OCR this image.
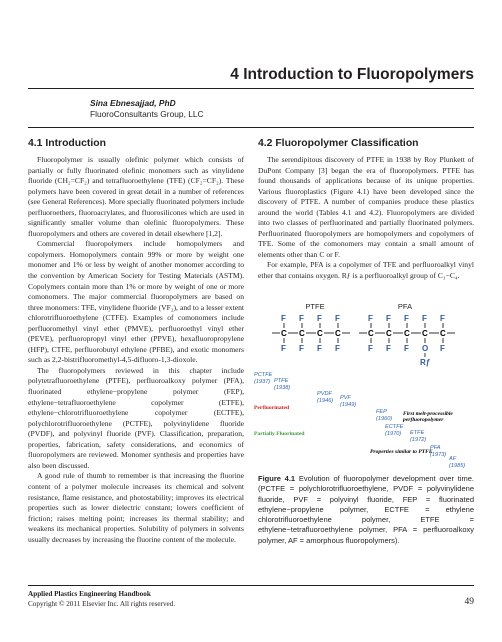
4 Introduction to Fluoropolymers
Sina Ebnesajjad, PhD
FluoroConsultants Group, LLC
4.1 Introduction	4.2 Fluoropolymer Classification

Fluoropolymer is usually olefinic polymer which consists of partially or fully fluorinated olefinic monomers such as vinylidene fluoride (CH₂=CF₂) and tetrafluoroethylene (TFE) (CF₂=CF₂). These polymers have been covered in great detail in a number of references (see General References). More specially fluorinated polymers include perfluoroethers, fluoroacrylates, and fluorosilicones which are used in significantly smaller volume than olefinic fluoropolymers. These fluoropolymers and others are covered in detail elsewhere [1,2].

Commercial fluoropolymers include homopolymers and copolymers. Homopolymers contain 99% or more by weight one monomer and 1% or less by weight of another monomer according to the convention by American Society for Testing Materials (ASTM). Copolymers contain more than 1% or more by weight of one or more comonomers. The major commercial fluoropolymers are based on three monomers: TFE, vinylidene fluoride (VF₂), and to a lesser extent chlorotrifluoroethylene (CTFE). Examples of comonomers include perfluoromethyl vinyl ether (PMVE), perfluoroethyl vinyl ether (PEVE), perfluoropropyl vinyl ether (PPVE), hexafluoropropylene (HFP), CTFE, perfluorobutyl ethylene (PFBE), and exotic monomers such as 2,2-bistrifluoromethyl-4,5-difluoro-1,3-dioxole.

The fluoropolymers reviewed in this chapter include polytetrafluoroethylene (PTFE), perfluoroalkoxy polymer (PFA), fluorinated ethylene−propylene polymer (FEP), ethylene−tetrafluoroethylene copolymer (ETFE), ethylene−chlorotrifluoroethylene copolymer (ECTFE), polychlorotrifluoroethylene (PCTFE), polyvinylidene fluoride (PVDF), and polyvinyl fluoride (PVF). Classification, preparation, properties, fabrication, safety considerations, and economics of fluoropolymers are reviewed. Monomer synthesis and properties have also been discussed.

A good rule of thumb to remember is that increasing the fluorine content of a polymer molecule increases its chemical and solvent resistance, flame resistance, and photostability; improves its electrical properties such as lower dielectric constant; lowers coefficient of friction; raises melting point; increases its thermal stability; and weakens its mechanical properties. Solubility of polymers in solvents usually decreases by increasing the fluorine content of the molecule.

The serendipitous discovery of PTFE in 1938 by Roy Plunkett of DuPont Company [3] began the era of fluoropolymers. PTFE has found thousands of applications because of its unique properties. Various fluoroplastics (Figure 4.1) have been developed since the discovery of PTFE. A number of companies produce these plastics around the world (Tables 4.1 and 4.2). Fluoropolymers are divided into two classes of perfluorinated and partially fluorinated polymers. Perfluorinated fluoropolymers are homopolymers and copolymers of TFE. Some of the comonomers may contain a small amount of elements other than C or F.

For example, PFA is a copolymer of TFE and perfluoroalkyl vinyl ether that contains oxygen. Rƒ is a perfluoroalkyl group of C₁−C₄.

PTFE	PFA
F F F F
C C C C
F F F F
F F F F F
C C C C C
F F F O F
Rƒ
PCTFE
(1937) PTFE
(1938)
PVDF
(1946) PVF
(1949)
FEP
(1960)
ECTFE
(1970) ETFE
(1972)
PFA
(1973)
AF
(1985)
First melt-processible
perfluoropolymer
Properties similar to PTFE
Perfluorinated
Partially Fluorinated
Figure 4.1 Evolution of fluoropolymer development over time. (PCTFE = polychlorotrifluoroethylene, PVDF = polyvinylidene fluoride, PVF = polyvinyl fluoride, FEP = fluorinated ethylene−propylene polymer, ECTFE = ethylene chlorotrifluoroethylene polymer, ETFE = ethylene−tetrafluoroethylene polymer, PFA = perfluoroalkoxy polymer, AF = amorphous fluoropolymers).
Applied Plastics Engineering Handbook
Copyright © 2011 Elsevier Inc. All rights reserved.	49
